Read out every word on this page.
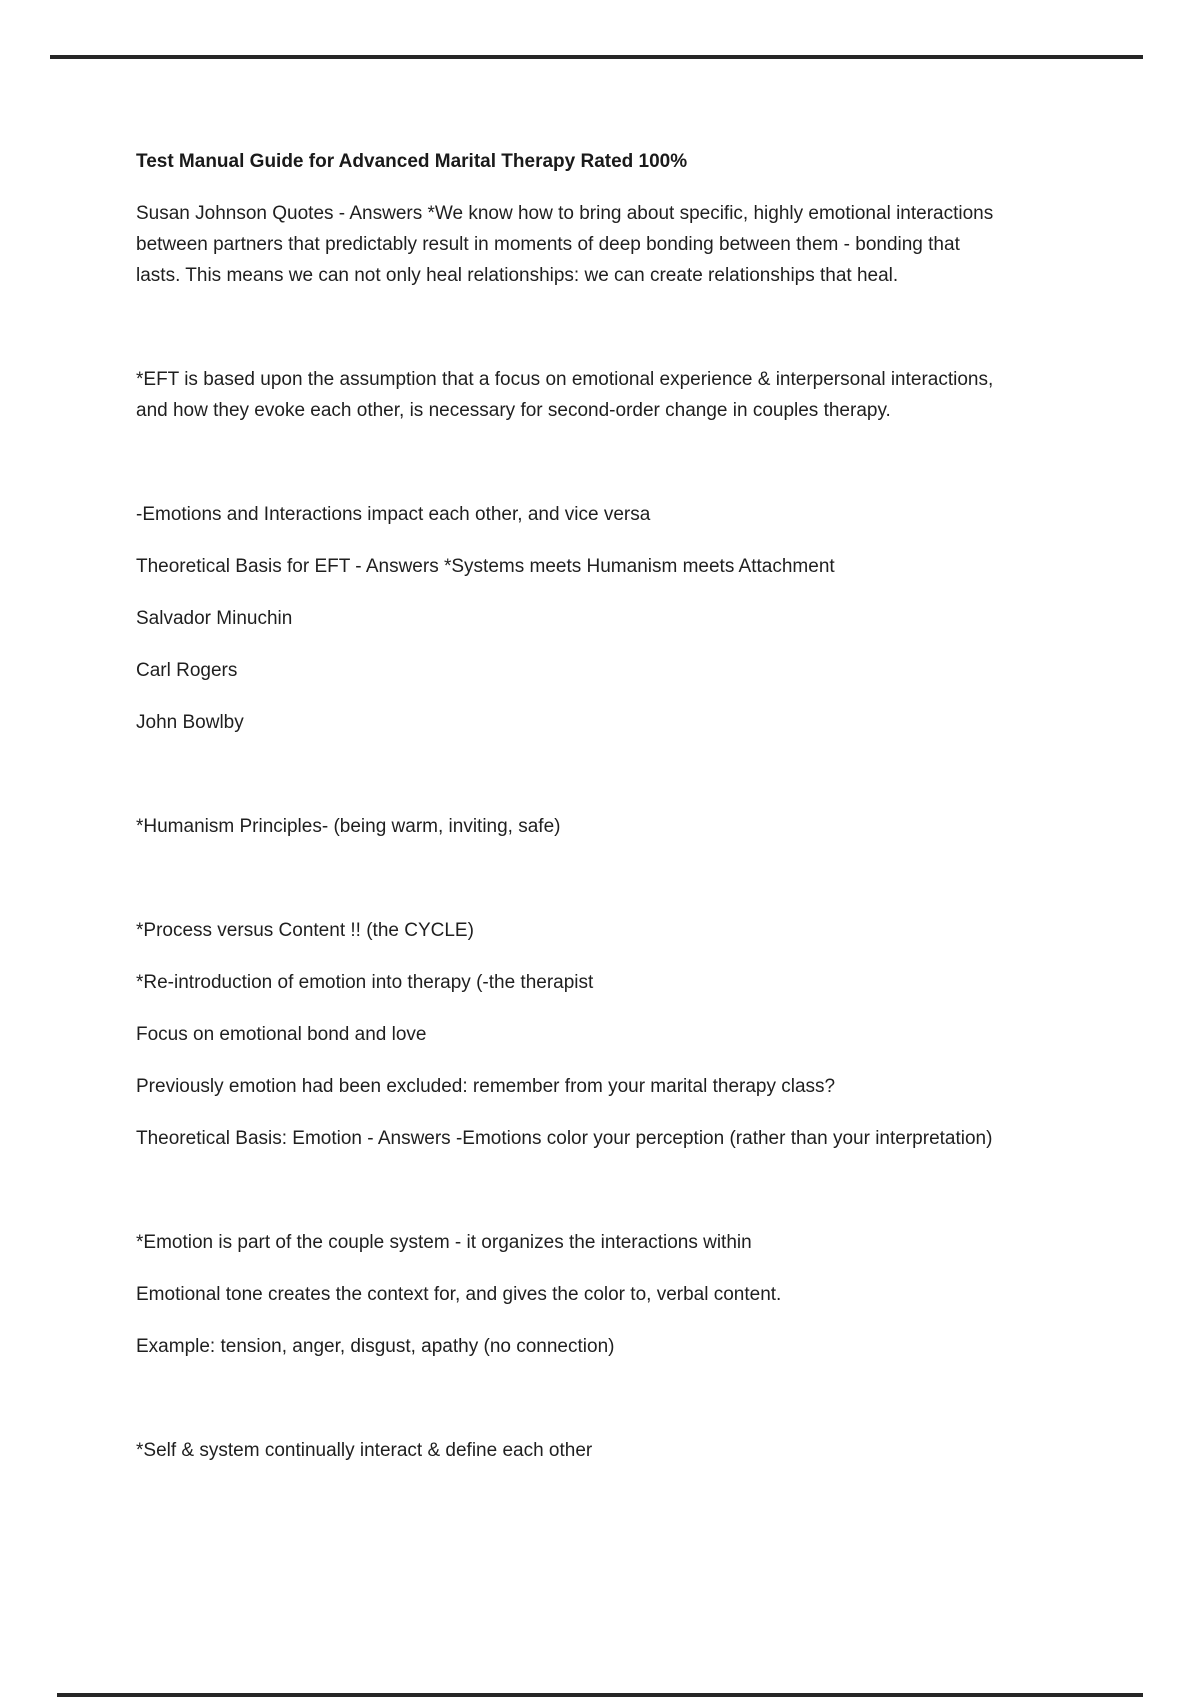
Test Manual Guide for Advanced Marital Therapy Rated 100%

Susan Johnson Quotes - Answers *We know how to bring about specific, highly emotional interactions
between partners that predictably result in moments of deep bonding between them - bonding that
lasts. This means we can not only heal relationships: we can create relationships that heal.

*EFT is based upon the assumption that a focus on emotional experience & interpersonal interactions,
and how they evoke each other, is necessary for second-order change in couples therapy.

-Emotions and Interactions impact each other, and vice versa

Theoretical Basis for EFT - Answers *Systems meets Humanism meets Attachment

Salvador Minuchin

Carl Rogers

John Bowlby

*Humanism Principles- (being warm, inviting, safe)

*Process versus Content !! (the CYCLE)

*Re-introduction of emotion into therapy (-the therapist

Focus on emotional bond and love

Previously emotion had been excluded: remember from your marital therapy class?

Theoretical Basis: Emotion - Answers -Emotions color your perception (rather than your interpretation)

*Emotion is part of the couple system - it organizes the interactions within

Emotional tone creates the context for, and gives the color to, verbal content.

Example: tension, anger, disgust, apathy (no connection)

*Self & system continually interact & define each other
